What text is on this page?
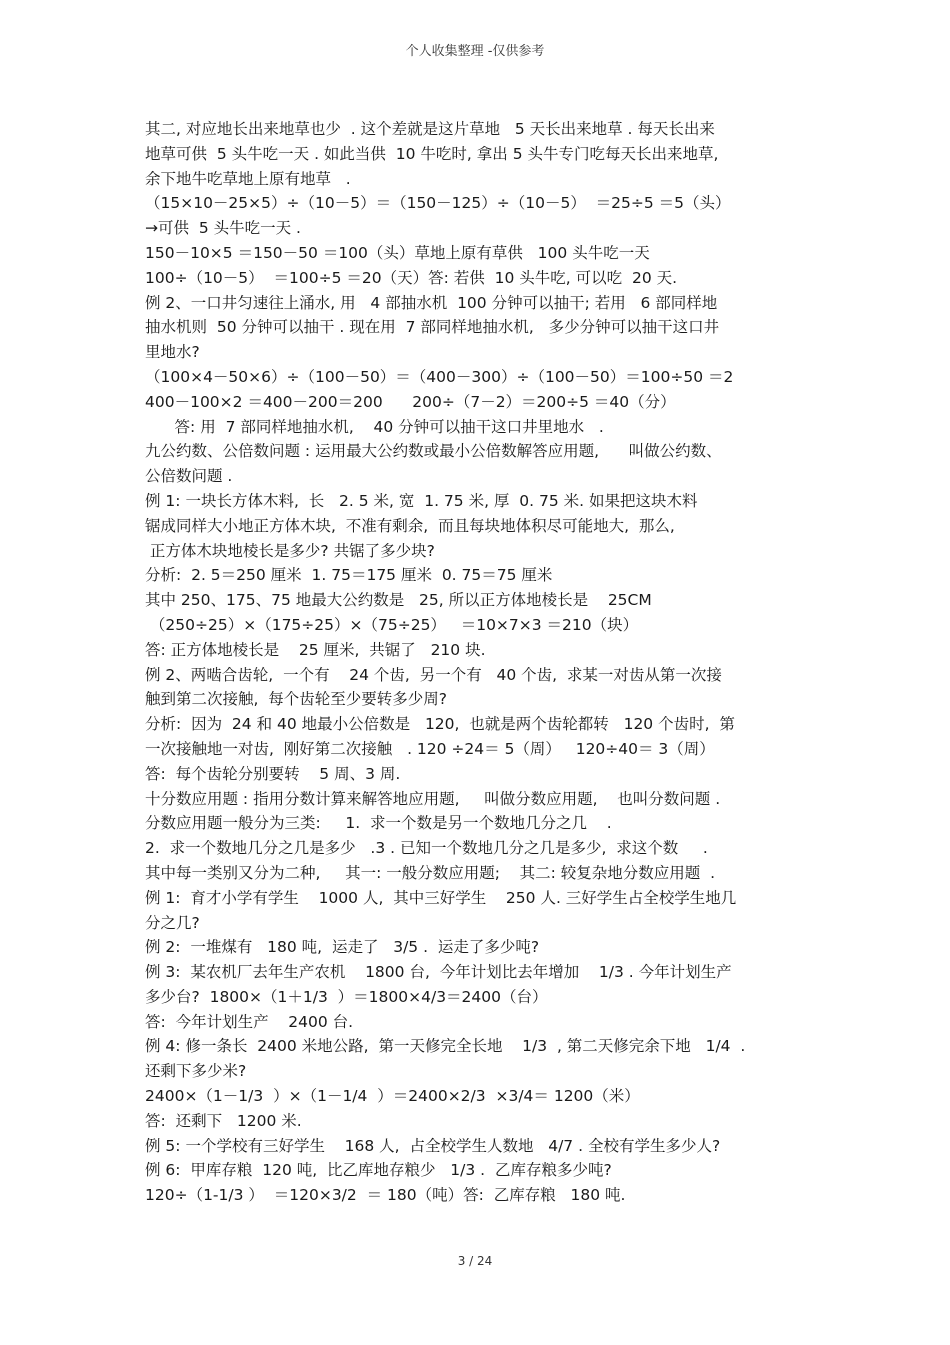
个人收集整理 -仅供参考
其二, 对应地长出来地草也少  . 这个差就是这片草地   5 天长出来地草 . 每天长出来
地草可供  5 头牛吃一天 . 如此当供  10 牛吃时, 拿出 5 头牛专门吃每天长出来地草,
余下地牛吃草地上原有地草   .
（15×10－25×5）÷（10－5）＝（150－125）÷（10－5）  ＝25÷5 ＝5（头）
→可供  5 头牛吃一天 .
150－10×5 ＝150－50 ＝100（头）草地上原有草供   100 头牛吃一天
100÷（10－5）  ＝100÷5 ＝20（天）答: 若供  10 头牛吃, 可以吃  20 天.
例 2、一口井匀速往上涌水, 用   4 部抽水机  100 分钟可以抽干; 若用   6 部同样地
抽水机则  50 分钟可以抽干 . 现在用  7 部同样地抽水机,   多少分钟可以抽干这口井
里地水?
（100×4－50×6）÷（100－50）＝（400－300）÷（100－50）＝100÷50 ＝2
400－100×2 ＝400－200＝200      200÷（7－2）＝200÷5 ＝40（分）
答: 用  7 部同样地抽水机,    40 分钟可以抽干这口井里地水   .
九公约数、公倍数问题 : 运用最大公约数或最小公倍数解答应用题,      叫做公约数、
公倍数问题 .
例 1: 一块长方体木料,  长   2. 5 米, 宽  1. 75 米, 厚  0. 75 米. 如果把这块木料
锯成同样大小地正方体木块,  不准有剩余,  而且每块地体积尽可能地大,  那么,
正方体木块地棱长是多少? 共锯了多少块?
分析:  2. 5＝250 厘米  1. 75＝175 厘米  0. 75＝75 厘米
其中 250、175、75 地最大公约数是   25, 所以正方体地棱长是    25CM
（250÷25）×（175÷25）×（75÷25）   ＝10×7×3 ＝210（块）
答: 正方体地棱长是    25 厘米,  共锯了   210 块.
例 2、两啮合齿轮,  一个有    24 个齿,  另一个有   40 个齿,  求某一对齿从第一次接
触到第二次接触,  每个齿轮至少要转多少周?
分析:  因为  24 和 40 地最小公倍数是   120,  也就是两个齿轮都转   120 个齿时,  第
一次接触地一对齿,  刚好第二次接触   . 120 ÷24＝ 5（周）   120÷40＝ 3（周）
答:  每个齿轮分别要转    5 周、3 周.
十分数应用题 : 指用分数计算来解答地应用题,     叫做分数应用题,    也叫分数问题 .
分数应用题一般分为三类:     1.  求一个数是另一个数地几分之几    .
2.  求一个数地几分之几是多少   .3 . 已知一个数地几分之几是多少,  求这个数     .
其中每一类别又分为二种,     其一: 一般分数应用题;    其二: 较复杂地分数应用题  .
例 1:  育才小学有学生    1000 人,  其中三好学生    250 人. 三好学生占全校学生地几
分之几?
例 2:  一堆煤有   180 吨,  运走了   3/5 .  运走了多少吨?
例 3:  某农机厂去年生产农机    1800 台,  今年计划比去年增加    1/3 . 今年计划生产
多少台?  1800×（1＋1/3  ）＝1800×4/3＝2400（台）
答:  今年计划生产    2400 台.
例 4: 修一条长  2400 米地公路,  第一天修完全长地    1/3  , 第二天修完余下地   1/4  .
还剩下多少米?
2400×（1－1/3  ）×（1－1/4  ）＝2400×2/3  ×3/4＝ 1200（米）
答:  还剩下   1200 米.
例 5: 一个学校有三好学生    168 人,  占全校学生人数地   4/7 . 全校有学生多少人?
例 6:  甲库存粮  120 吨,  比乙库地存粮少   1/3 .  乙库存粮多少吨?
120÷（1-1/3 ）  ＝120×3/2  ＝ 180（吨）答:  乙库存粮   180 吨.
3 / 24
